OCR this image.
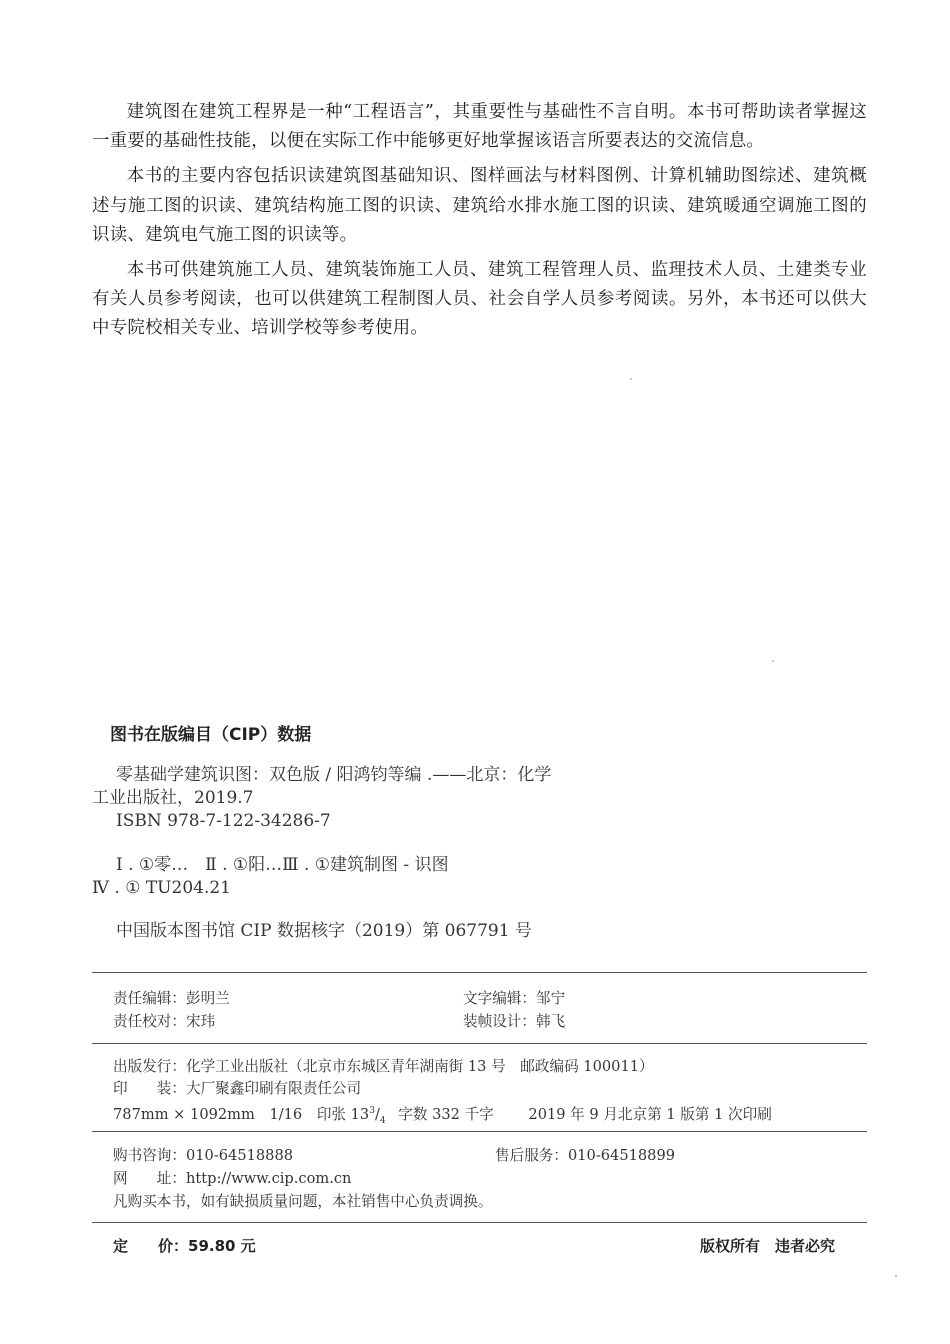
建筑图在建筑工程界是一种“工程语言”，其重要性与基础性不言自明。本书可帮助读者掌握这一重要的基础性技能，以便在实际工作中能够更好地掌握该语言所要表达的交流信息。

本书的主要内容包括识读建筑图基础知识、图样画法与材料图例、计算机辅助图综述、建筑概述与施工图的识读、建筑结构施工图的识读、建筑给水排水施工图的识读、建筑暖通空调施工图的识读、建筑电气施工图的识读等。

本书可供建筑施工人员、建筑装饰施工人员、建筑工程管理人员、监理技术人员、土建类专业有关人员参考阅读，也可以供建筑工程制图人员、社会自学人员参考阅读。另外，本书还可以供大中专院校相关专业、培训学校等参考使用。

图书在版编目（CIP）数据
零基础学建筑识图：双色版 / 阳鸿钧等编 .——北京：化学
工业出版社，2019.7
ISBN 978-7-122-34286-7
Ⅰ . ①零…　Ⅱ . ①阳…Ⅲ . ①建筑制图 - 识图
Ⅳ . ① TU204.21
中国版本图书馆 CIP 数据核字（2019）第 067791 号
责任编辑：彭明兰	文字编辑：邹宁
责任校对：宋玮	装帧设计：韩飞
出版发行：化学工业出版社（北京市东城区青年湖南街 13 号　邮政编码 100011）
印　　装：大厂聚鑫印刷有限责任公司
787mm × 1092mm　1/16　印张 $13^3/_4$ 字数 332 千字 2019 年 9 月北京第 1 版第 1 次印刷
购书咨询：010-64518888	售后服务：010-64518899
网　　址：http://www.cip.com.cn
凡购买本书，如有缺损质量问题，本社销售中心负责调换。
定　　价：59.80 元	版权所有　违者必究
